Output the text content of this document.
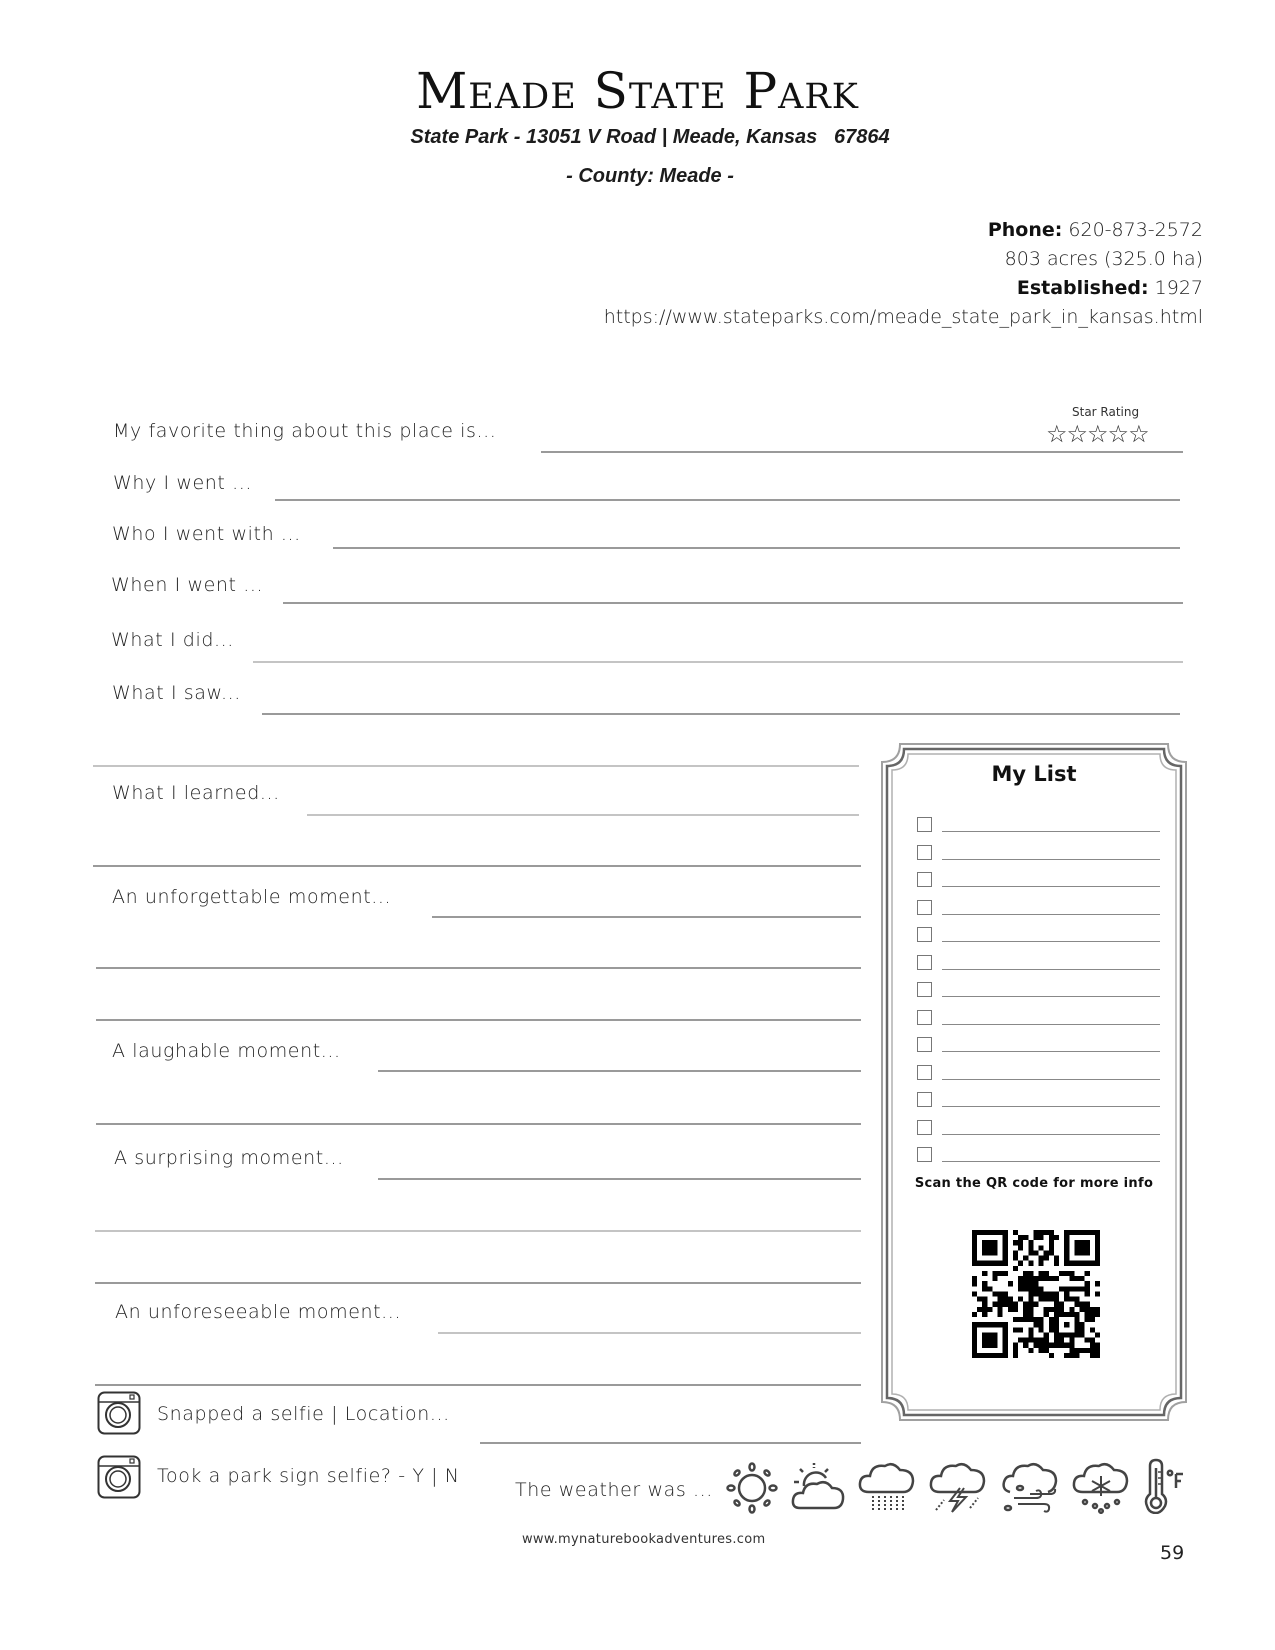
Meade State Park
State Park - 13051 V Road | Meade, Kansas   67864
- County: Meade -
Phone: 620-873-2572
803 acres (325.0 ha)
Established: 1927
https://www.stateparks.com/meade_state_park_in_kansas.html
Star Rating
☆☆☆☆☆
My favorite thing about this place is...
Why I went ...
Who I went with ...
When I went ...
What I did...
What I saw...
What I learned...
An unforgettable moment...
A laughable moment...
A surprising moment...
An unforeseeable moment...
Snapped a selfie | Location...
Took a park sign selfie? - Y | N
The weather was ...
My List
Scan the QR code for more info
www.mynaturebookadventures.com
59
